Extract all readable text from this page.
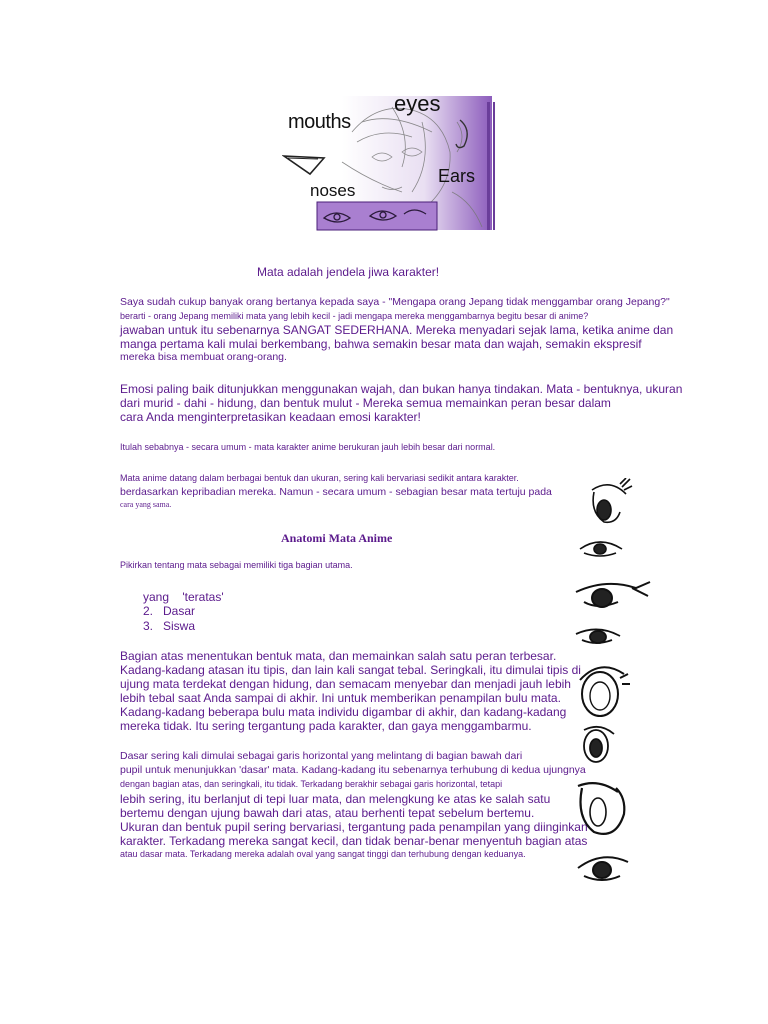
mouths
eyes
Ears
noses

Mata adalah jendela jiwa karakter!

Saya sudah cukup banyak orang bertanya kepada saya - "Mengapa orang Jepang tidak menggambar orang Jepang?"

berarti - orang Jepang memiliki mata yang lebih kecil - jadi mengapa mereka menggambarnya begitu besar di anime?

jawaban untuk itu sebenarnya SANGAT SEDERHANA. Mereka menyadari sejak lama, ketika anime dan

manga pertama kali mulai berkembang, bahwa semakin besar mata dan wajah, semakin ekspresif

mereka bisa membuat orang-orang.

Emosi paling baik ditunjukkan menggunakan wajah, dan bukan hanya tindakan. Mata - bentuknya, ukuran

dari murid - dahi - hidung, dan bentuk mulut - Mereka semua memainkan peran besar dalam

cara Anda menginterpretasikan keadaan emosi karakter!

Itulah sebabnya - secara umum - mata karakter anime berukuran jauh lebih besar dari normal.

Mata anime datang dalam berbagai bentuk dan ukuran, sering kali bervariasi sedikit antara karakter.

berdasarkan kepribadian mereka. Namun - secara umum - sebagian besar mata tertuju pada

cara yang sama.

Anatomi Mata Anime

Pikirkan tentang mata sebagai memiliki tiga bagian utama.

yang    'teratas'

2.   Dasar

3.   Siswa

Bagian atas menentukan bentuk mata, dan memainkan salah satu peran terbesar.

Kadang-kadang atasan itu tipis, dan lain kali sangat tebal. Seringkali, itu dimulai tipis di

ujung mata terdekat dengan hidung, dan semacam menyebar dan menjadi jauh lebih

lebih tebal saat Anda sampai di akhir. Ini untuk memberikan penampilan bulu mata.

Kadang-kadang beberapa bulu mata individu digambar di akhir, dan kadang-kadang

mereka tidak. Itu sering tergantung pada karakter, dan gaya menggambarmu.

Dasar sering kali dimulai sebagai garis horizontal yang melintang di bagian bawah dari

pupil untuk menunjukkan 'dasar' mata. Kadang-kadang itu sebenarnya terhubung di kedua ujungnya

dengan bagian atas, dan seringkali, itu tidak. Terkadang berakhir sebagai garis horizontal, tetapi

lebih sering, itu berlanjut di tepi luar mata, dan melengkung ke atas ke salah satu

bertemu dengan ujung bawah dari atas, atau berhenti tepat sebelum bertemu.

Ukuran dan bentuk pupil sering bervariasi, tergantung pada penampilan yang diinginkan

karakter. Terkadang mereka sangat kecil, dan tidak benar-benar menyentuh bagian atas

atau dasar mata. Terkadang mereka adalah oval yang sangat tinggi dan terhubung dengan keduanya.
